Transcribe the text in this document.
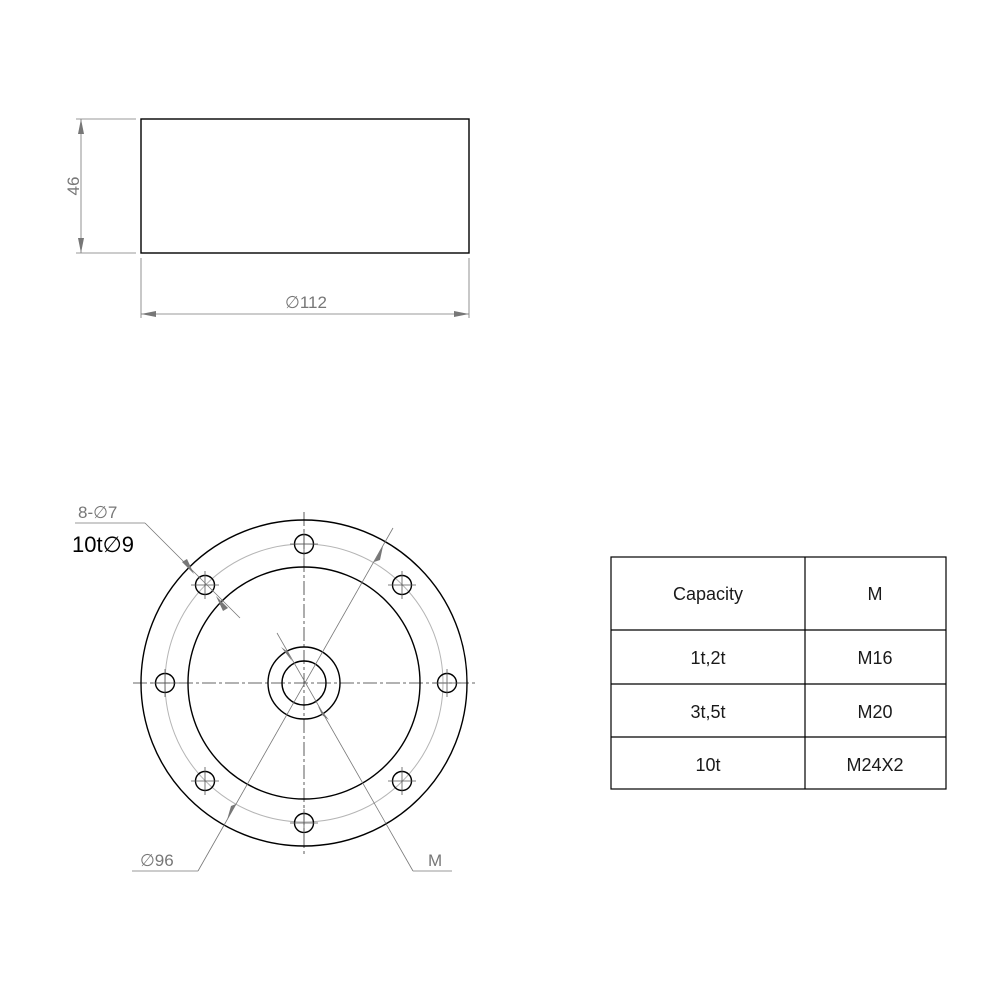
46
∅112
8-∅7
10t∅9
∅96	M
Capacity	M
1t,2t	M16
3t,5t	M20
10t	M24X2
